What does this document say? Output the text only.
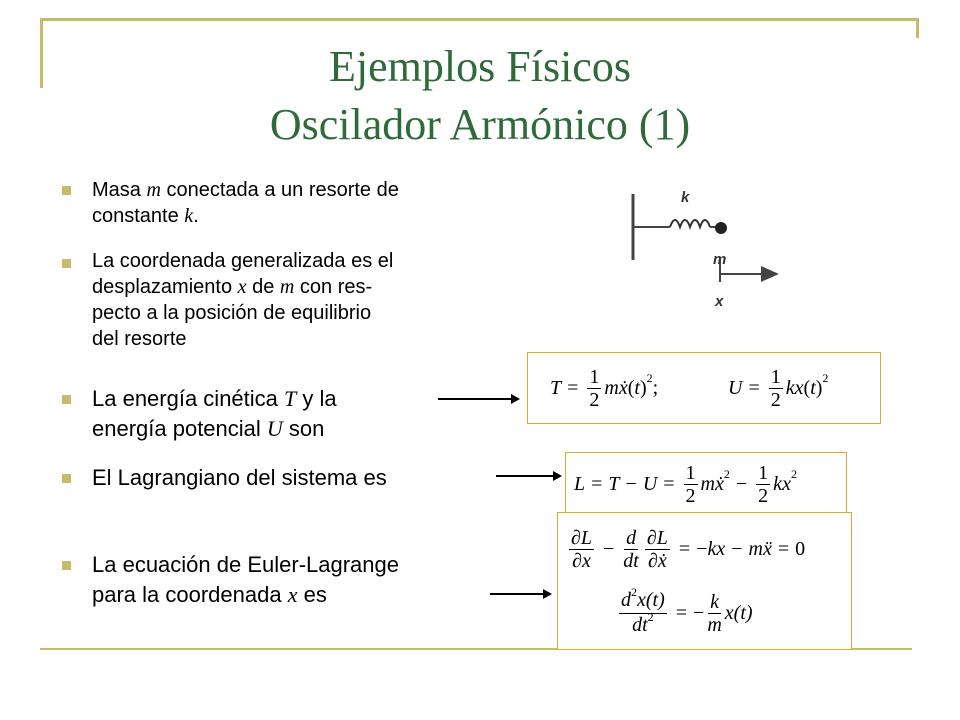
Ejemplos Físicos
Oscilador Armónico (1)
Masa m conectada a un resorte de
constante k.
La coordenada generalizada es el
desplazamiento x de m con res-
pecto a la posición de equilibrio
del resorte
La energía cinética T y la
energía potencial U son
El Lagrangiano del sistema es
La ecuación de Euler-Lagrange
para la coordenada x es
k
m
x
$T = \frac{1}{2}$ m ẋ ( t ) 2 ;	$U = \frac{1}{2}$ k x ( t ) 2
$L = T - U = \frac{1}{2}$ m ẋ $2 - \frac{1}{2}$ k x 2
$\frac{\partial L}{\partial x} - \frac{d}{dt} \frac{\partial L}{\text{∂ẋ}}$ = − k x − m ẍ = 0
$\frac{d^2x(t)}{dt^2}$ = − $\frac{k}{m} x(t)$
